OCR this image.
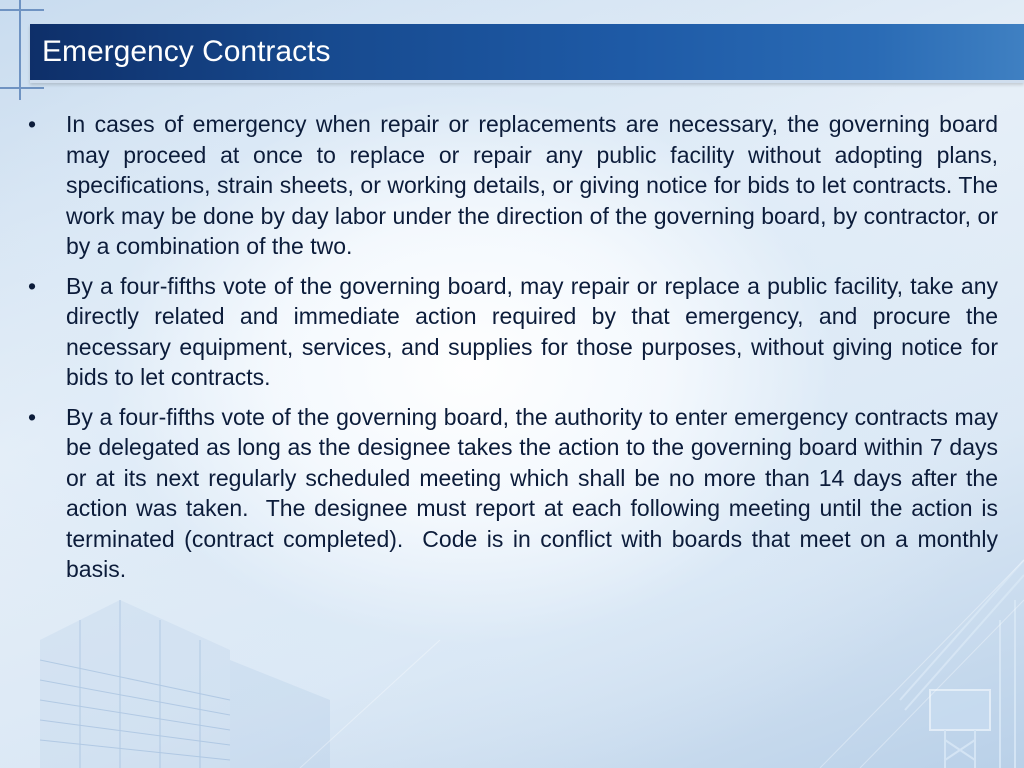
Emergency Contracts
•	In cases of emergency when repair or replacements are necessary, the governing board may proceed at once to replace or repair any public facility without adopting plans, specifications, strain sheets, or working details, or giving notice for bids to let contracts. The work may be done by day labor under the direction of the governing board, by contractor, or by a combination of the two.
•	By a four-fifths vote of the governing board, may repair or replace a public facility, take any directly related and immediate action required by that emergency, and procure the necessary equipment, services, and supplies for those purposes, without giving notice for bids to let contracts.
•	By a four-fifths vote of the governing board, the authority to enter emergency contracts may be delegated as long as the designee takes the action to the governing board within 7 days or at its next regularly scheduled meeting which shall be no more than 14 days after the action was taken.  The designee must report at each following meeting until the action is terminated (contract completed).  Code is in conflict with boards that meet on a monthly basis.
